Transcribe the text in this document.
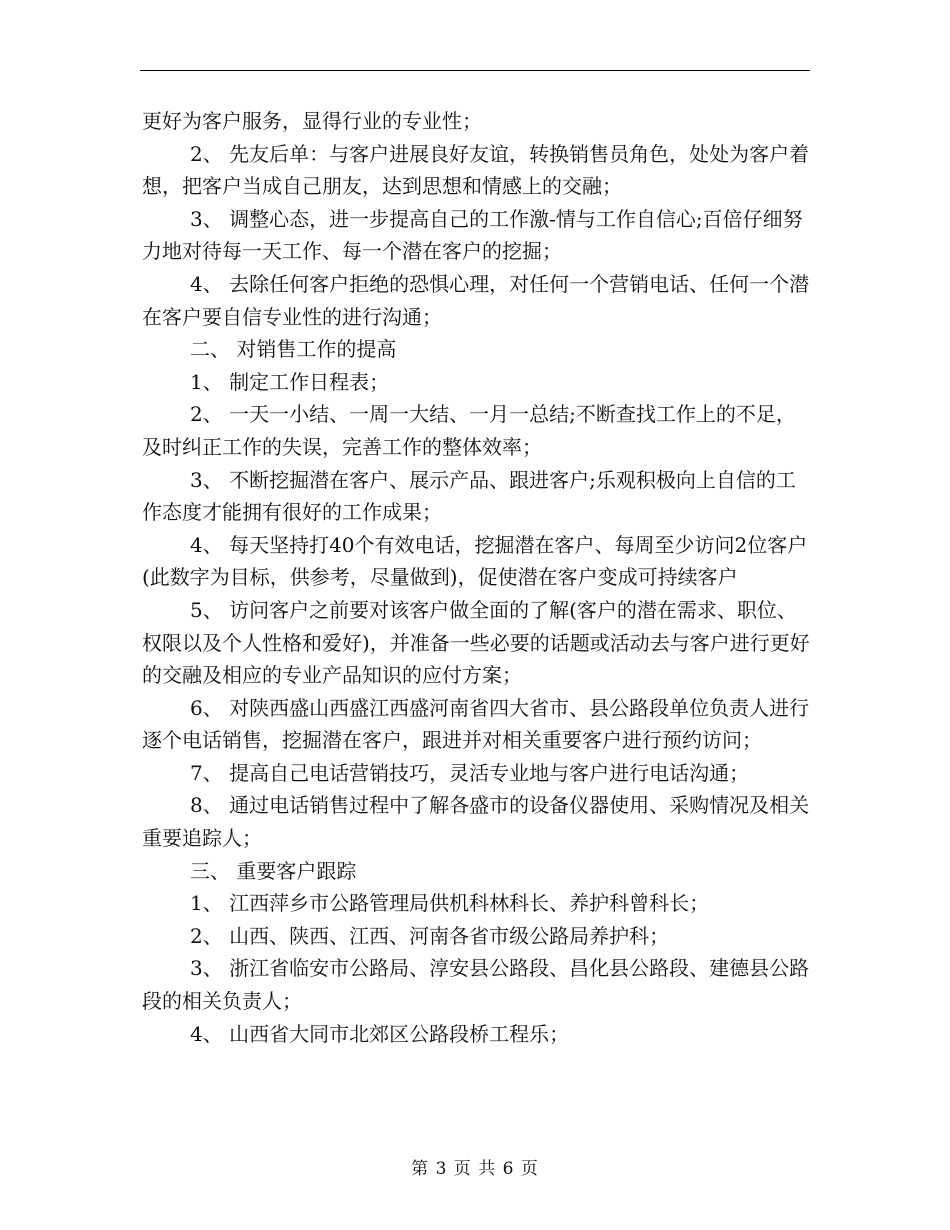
更好为客户服务，显得行业的专业性；

2、 先友后单：与客户进展良好友谊，转换销售员角色，处处为客户着想，把客户当成自己朋友，达到思想和情感上的交融；

3、 调整心态，进一步提高自己的工作激-情与工作自信心;百倍仔细努力地对待每一天工作、每一个潜在客户的挖掘；

4、 去除任何客户拒绝的恐惧心理，对任何一个营销电话、任何一个潜在客户要自信专业性的进行沟通；

二、 对销售工作的提高

1、 制定工作日程表；

2、 一天一小结、一周一大结、一月一总结;不断查找工作上的不足，及时纠正工作的失误，完善工作的整体效率；

3、 不断挖掘潜在客户、展示产品、跟进客户;乐观积极向上自信的工作态度才能拥有很好的工作成果；

4、 每天坚持打40个有效电话，挖掘潜在客户、每周至少访问2位客户(此数字为目标，供参考，尽量做到)，促使潜在客户变成可持续客户

5、 访问客户之前要对该客户做全面的了解(客户的潜在需求、职位、权限以及个人性格和爱好)，并准备一些必要的话题或活动去与客户进行更好的交融及相应的专业产品知识的应付方案；

6、 对陕西盛山西盛江西盛河南省四大省市、县公路段单位负责人进行逐个电话销售，挖掘潜在客户，跟进并对相关重要客户进行预约访问；

7、 提高自己电话营销技巧，灵活专业地与客户进行电话沟通；

8、 通过电话销售过程中了解各盛市的设备仪器使用、采购情况及相关重要追踪人；

三、 重要客户跟踪

1、 江西萍乡市公路管理局供机科林科长、养护科曾科长；

2、 山西、陕西、江西、河南各省市级公路局养护科；

3、 浙江省临安市公路局、淳安县公路段、昌化县公路段、建德县公路段的相关负责人；

4、 山西省大同市北郊区公路段桥工程乐；

第 3 页 共 6 页
